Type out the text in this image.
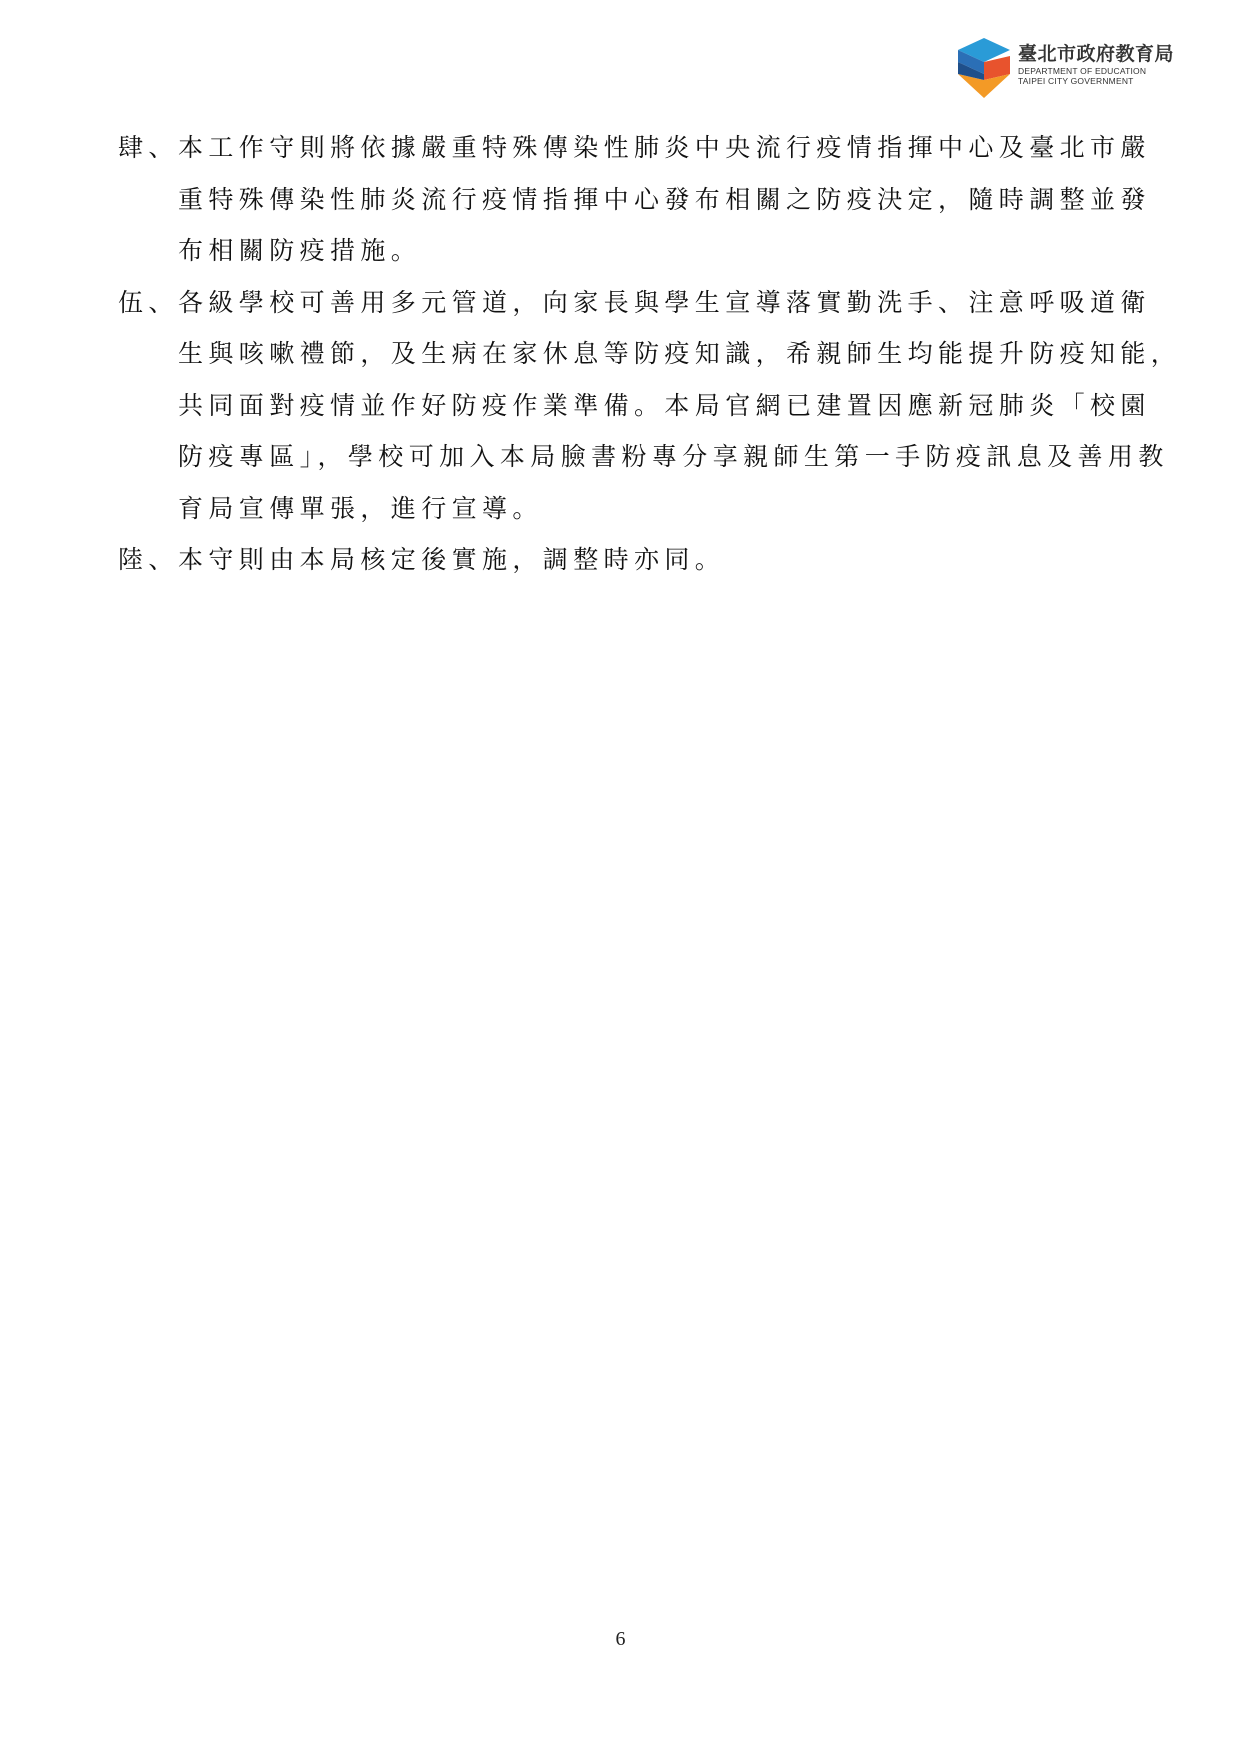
臺北市政府教育局
DEPARTMENT OF EDUCATION
TAIPEI CITY GOVERNMENT
肆、 本工作守則將依據嚴重特殊傳染性肺炎中央流行疫情指揮中心及臺北市嚴
重特殊傳染性肺炎流行疫情指揮中心發布相關之防疫決定，隨時調整並發
布相關防疫措施。
伍、 各級學校可善用多元管道，向家長與學生宣導落實勤洗手、注意呼吸道衛
生與咳嗽禮節，及生病在家休息等防疫知識，希親師生均能提升防疫知能，
共同面對疫情並作好防疫作業準備。本局官網已建置因應新冠肺炎「校園
防疫專區」，學校可加入本局臉書粉專分享親師生第一手防疫訊息及善用教
育局宣傳單張，進行宣導。
陸、 本守則由本局核定後實施，調整時亦同。
6
